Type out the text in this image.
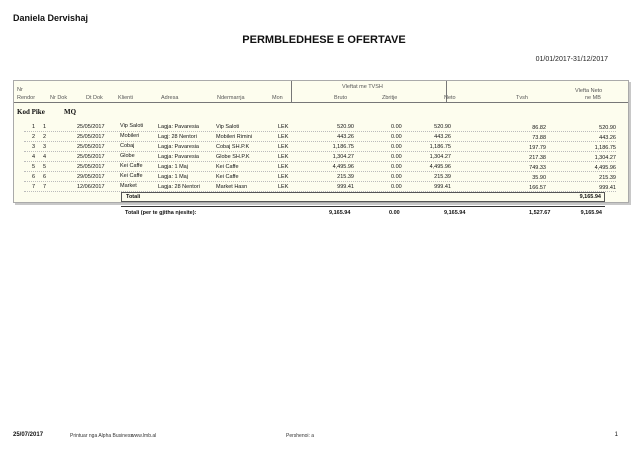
Daniela Dervishaj
PERMBLEDHESE E OFERTAVE
01/01/2017-31/12/2017
Nr
Rendor	Nr Dok	Dt Dok	Klienti	Adresa	Ndermarrja	Mon
Vleftat me TVSH
Bruto	Zbritje	Neto	Tvsh
Vlefta Neto
ne MB
Kod Pike	MQ
1 1	25/05/2017	Vip Saloti	Lagja: Pavaresia	Vip Saloti	LEK	520.90	0.00	520.90	86.82	520.90
2 2	25/05/2017	Mobileri	Lagj: 28 Nentori	Mobileri Rimini	LEK	443.26	0.00	443.26	73.88	443.26
3 3	25/05/2017	Cobaj	Lagja: Pavaresia	Cobaj SH.P.K	LEK	1,186.75	0.00	1,186.75	197.79	1,186.75
4 4	25/05/2017	Globe	Lagja: Pavaresia	Globe SH.P.K	LEK	1,304.27	0.00	1,304.27	217.38	1,304.27
5 5	25/05/2017	Kei Caffe	Lagja: 1 Maj	Kei Caffe	LEK	4,495.96	0.00	4,495.96	749.33	4,495.96
6 6	29/05/2017	Kei Caffe	Lagja: 1 Maj	Kei Caffe	LEK	215.39	0.00	215.39	35.90	215.39
7 7	12/06/2017	Market	Lagja: 28 Nentori	Market Hasn	LEK	999.41	0.00	999.41	166.57	999.41
Totali	9,165.94
Totali (per te gjitha njesite):	9,165.94	0.00	9,165.94	1,527.67	9,165.94
25/07/2017	Printuar nga Alpha Business
www.lmb.al	Pershenoi: a	1
